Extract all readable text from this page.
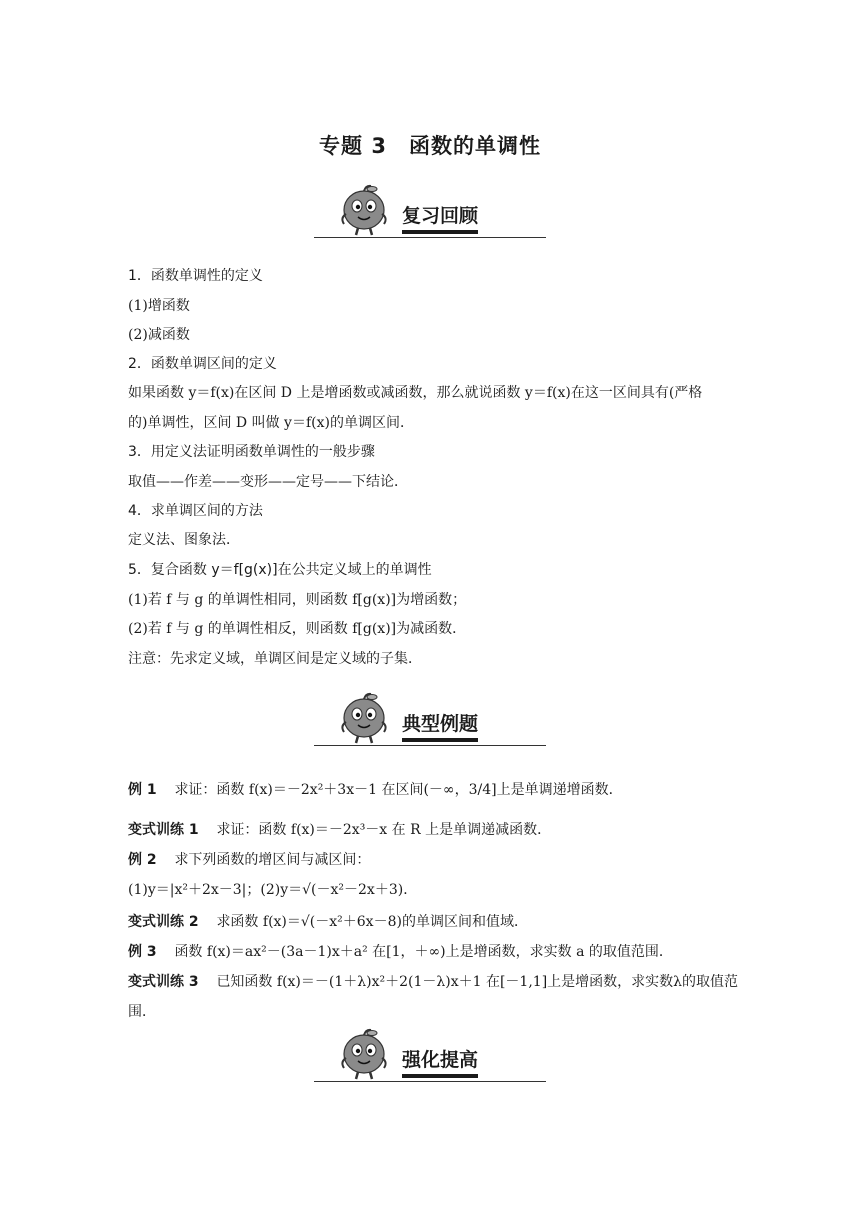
专题 3　函数的单调性
复习回顾
1．函数单调性的定义
(1)增函数
(2)减函数
2．函数单调区间的定义
如果函数 y＝f(x)在区间 D 上是增函数或减函数，那么就说函数 y＝f(x)在这一区间具有(严格
的)单调性，区间 D 叫做 y＝f(x)的单调区间．
3．用定义法证明函数单调性的一般步骤
取值——作差——变形——定号——下结论．
4．求单调区间的方法
定义法、图象法．
5．复合函数 y＝f[g(x)]在公共定义域上的单调性
(1)若 f 与 g 的单调性相同，则函数 f[g(x)]为增函数；
(2)若 f 与 g 的单调性相反，则函数 f[g(x)]为减函数．
注意：先求定义域，单调区间是定义域的子集．
典型例题
例 1 求证：函数 f(x)＝－2x²＋3x－1 在区间(－∞，3/4]上是单调递增函数．
变式训练 1 求证：函数 f(x)＝－2x³－x 在 R 上是单调递减函数．
例 2 求下列函数的增区间与减区间：
(1)y＝|x²＋2x－3|；(2)y＝√(－x²－2x＋3)．
变式训练 2 求函数 f(x)＝√(－x²＋6x－8)的单调区间和值域．
例 3 函数 f(x)＝ax²－(3a－1)x＋a² 在[1，＋∞)上是增函数，求实数 a 的取值范围．
变式训练 3 已知函数 f(x)＝－(1＋λ)x²＋2(1－λ)x＋1 在[－1,1]上是增函数，求实数λ的取值范
围．
强化提高
